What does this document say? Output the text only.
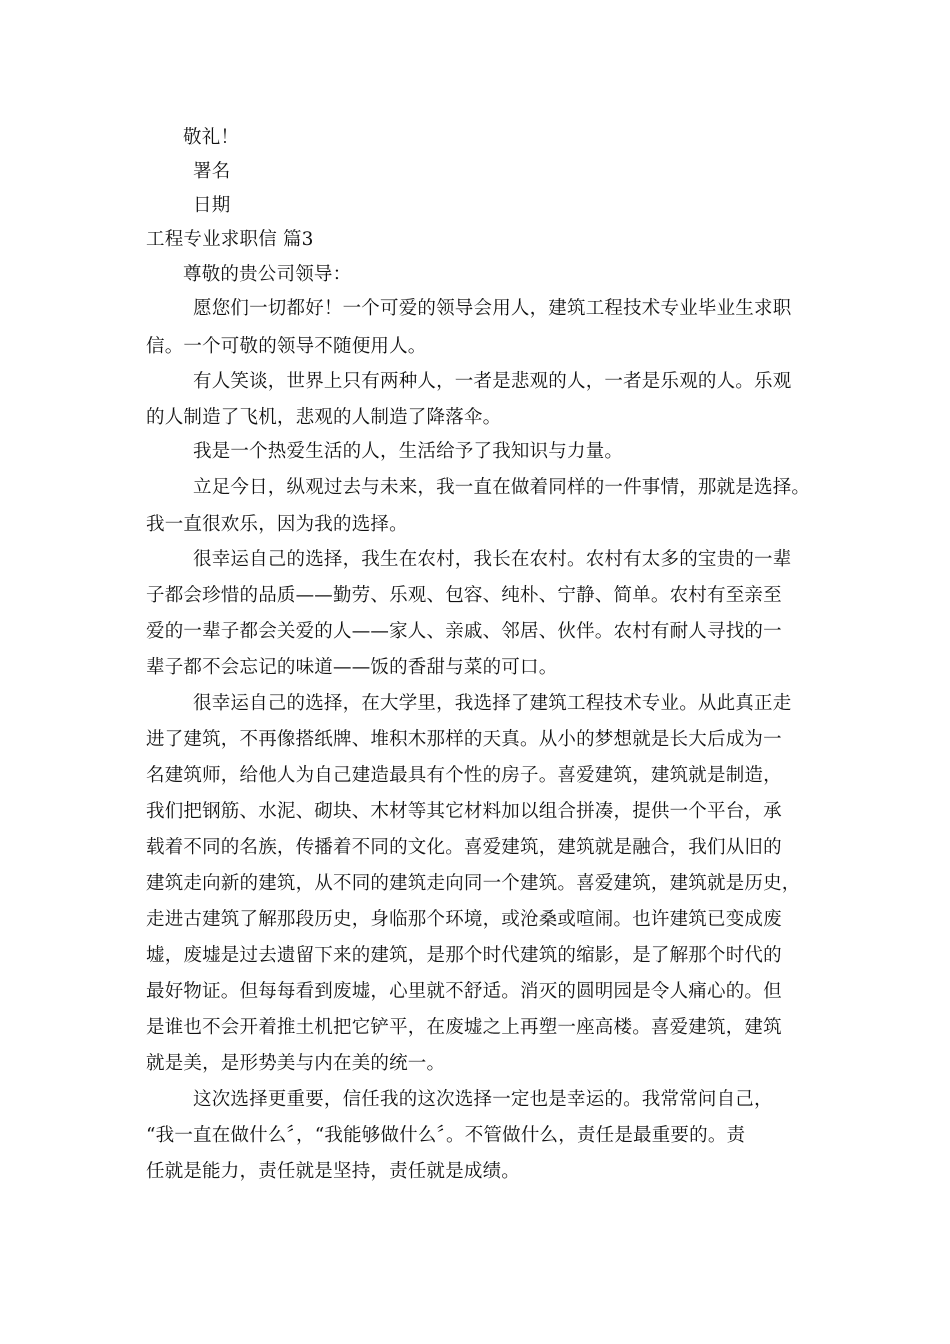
敬礼！

署名

日期

工程专业求职信 篇3

尊敬的贵公司领导：

愿您们一切都好！一个可爱的领导会用人，建筑工程技术专业毕业生求职

信。一个可敬的领导不随便用人。

有人笑谈，世界上只有两种人，一者是悲观的人，一者是乐观的人。乐观

的人制造了飞机，悲观的人制造了降落伞。

我是一个热爱生活的人，生活给予了我知识与力量。

立足今日，纵观过去与未来，我一直在做着同样的一件事情，那就是选择。

我一直很欢乐，因为我的选择。

很幸运自己的选择，我生在农村，我长在农村。农村有太多的宝贵的一辈

子都会珍惜的品质——勤劳、乐观、包容、纯朴、宁静、简单。农村有至亲至

爱的一辈子都会关爱的人——家人、亲戚、邻居、伙伴。农村有耐人寻找的一

辈子都不会忘记的味道——饭的香甜与菜的可口。

很幸运自己的选择，在大学里，我选择了建筑工程技术专业。从此真正走

进了建筑，不再像搭纸牌、堆积木那样的天真。从小的梦想就是长大后成为一

名建筑师，给他人为自己建造最具有个性的房子。喜爱建筑，建筑就是制造，

我们把钢筋、水泥、砌块、木材等其它材料加以组合拼凑，提供一个平台，承

载着不同的名族，传播着不同的文化。喜爱建筑，建筑就是融合，我们从旧的

建筑走向新的建筑，从不同的建筑走向同一个建筑。喜爱建筑，建筑就是历史，

走进古建筑了解那段历史，身临那个环境，或沧桑或喧闹。也许建筑已变成废

墟，废墟是过去遗留下来的建筑，是那个时代建筑的缩影，是了解那个时代的

最好物证。但每每看到废墟，心里就不舒适。消灭的圆明园是令人痛心的。但

是谁也不会开着推土机把它铲平，在废墟之上再塑一座高楼。喜爱建筑，建筑

就是美，是形势美与内在美的统一。

这次选择更重要，信任我的这次选择一定也是幸运的。我常常问自己，

“我一直在做什么〞，“我能够做什么〞。不管做什么，责任是最重要的。责

任就是能力，责任就是坚持，责任就是成绩。
